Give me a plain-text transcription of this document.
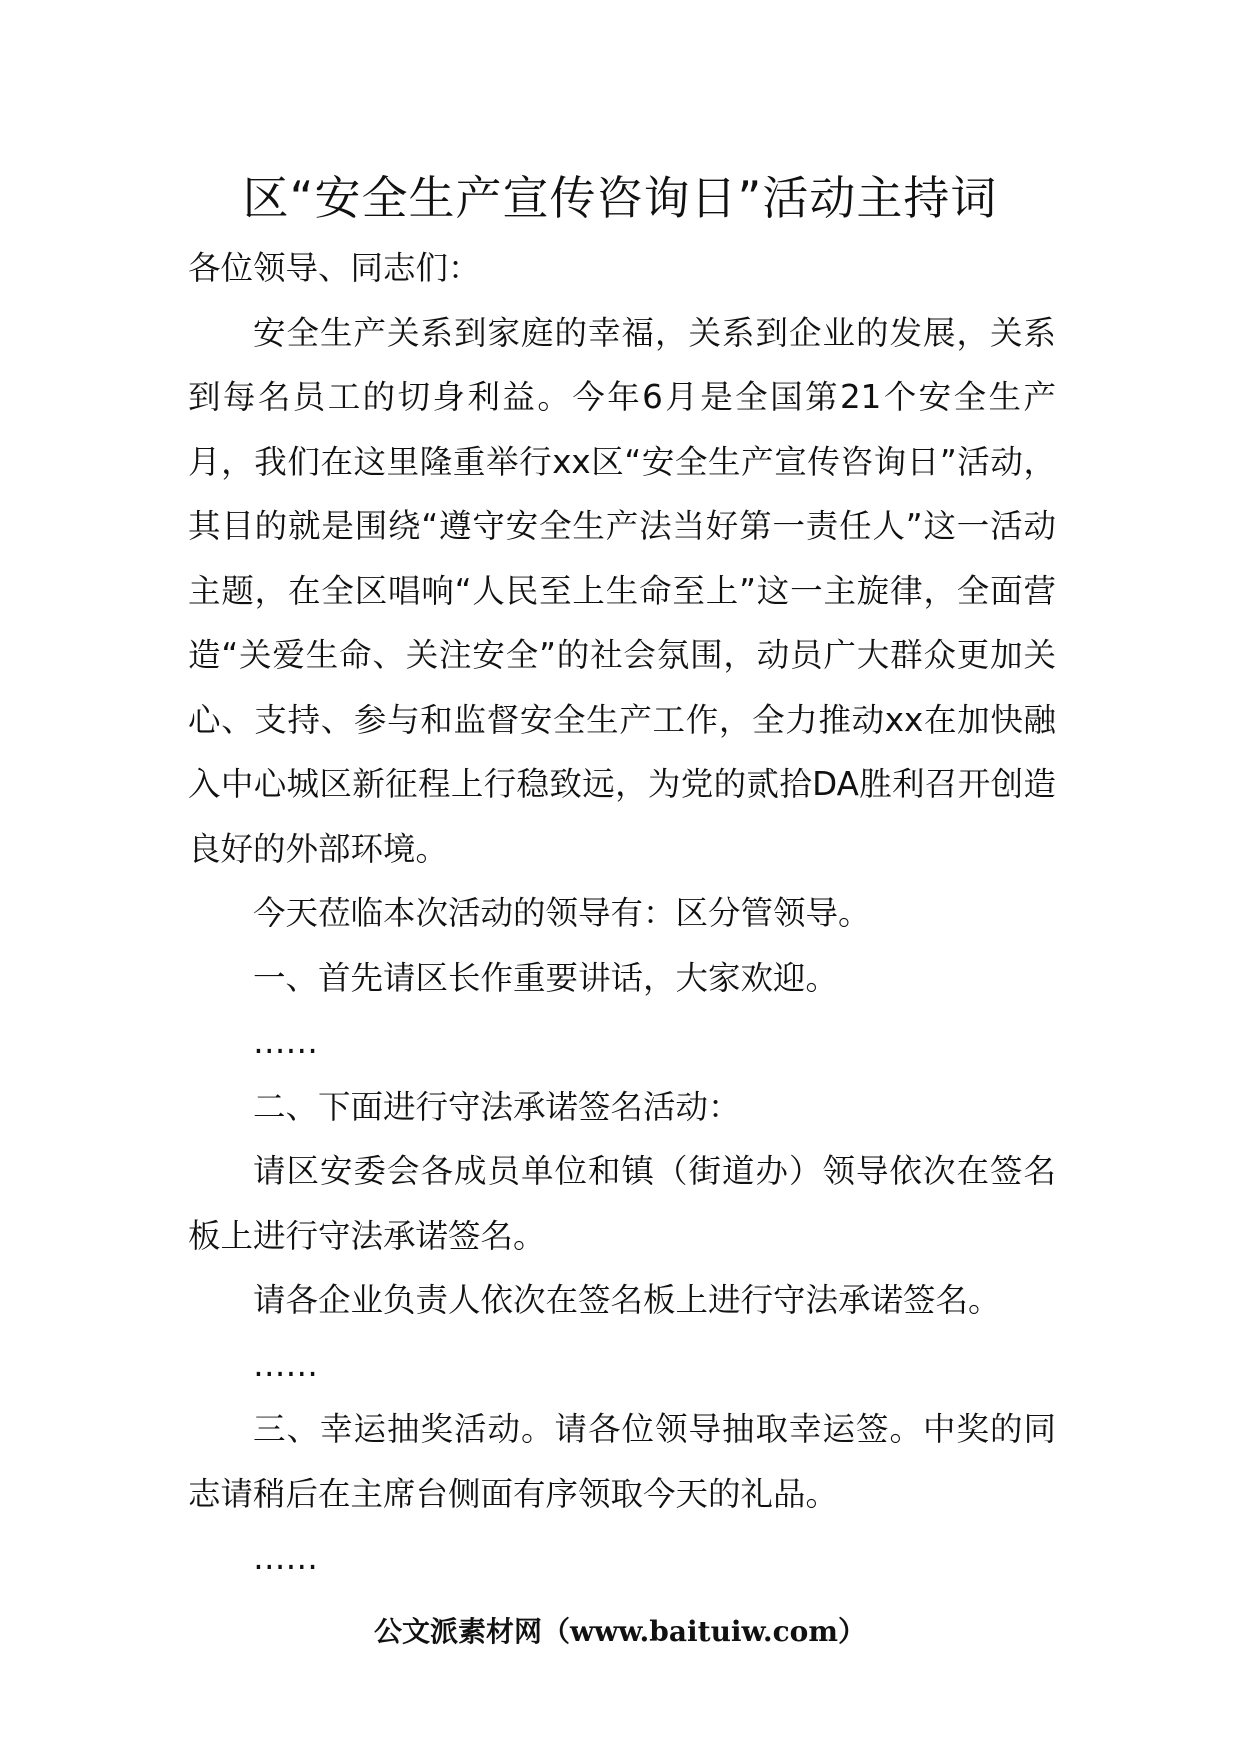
区“安全生产宣传咨询日”活动主持词

各位领导、同志们：

安全生产关系到家庭的幸福，关系到企业的发展，关系到每名员工的切身利益。今年6月是全国第21个安全生产月，我们在这里隆重举行xx区“安全生产宣传咨询日”活动，其目的就是围绕“遵守安全生产法当好第一责任人”这一活动主题，在全区唱响“人民至上生命至上”这一主旋律，全面营造“关爱生命、关注安全”的社会氛围，动员广大群众更加关心、支持、参与和监督安全生产工作，全力推动xx在加快融入中心城区新征程上行稳致远，为党的贰拾DA胜利召开创造良好的外部环境。

今天莅临本次活动的领导有：区分管领导。

一、首先请区长作重要讲话，大家欢迎。

……

二、下面进行守法承诺签名活动：

请区安委会各成员单位和镇（街道办）领导依次在签名板上进行守法承诺签名。

请各企业负责人依次在签名板上进行守法承诺签名。

……

三、幸运抽奖活动。请各位领导抽取幸运签。中奖的同志请稍后在主席台侧面有序领取今天的礼品。

……

公文派素材网（www.baituiw.com）
